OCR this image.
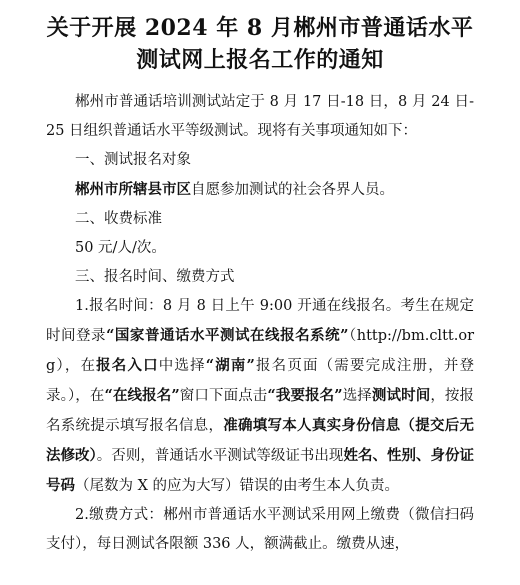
关于开展 2024 年 8 月郴州市普通话水平
测试网上报名工作的通知

郴州市普通话培训测试站定于 8 月 17 日-18 日，8 月 24 日-25 日组织普通话水平等级测试。现将有关事项通知如下：

一、测试报名对象

郴州市所辖县市区自愿参加测试的社会各界人员。

二、收费标准

50 元/人/次。

三、报名时间、缴费方式

1.报名时间：8 月 8 日上午 9:00 开通在线报名。考生在规定时间登录“国家普通话水平测试在线报名系统”（http://bm.cltt.org），在报名入口中选择“湖南”报名页面（需要完成注册，并登录。），在“在线报名”窗口下面点击“我要报名”选择测试时间，按报名系统提示填写报名信息，准确填写本人真实身份信息（提交后无法修改）。否则，普通话水平测试等级证书出现姓名、性别、身份证号码（尾数为 X 的应为大写）错误的由考生本人负责。

2.缴费方式：郴州市普通话水平测试采用网上缴费（微信扫码支付），每日测试各限额 336 人，额满截止。缴费从速，
